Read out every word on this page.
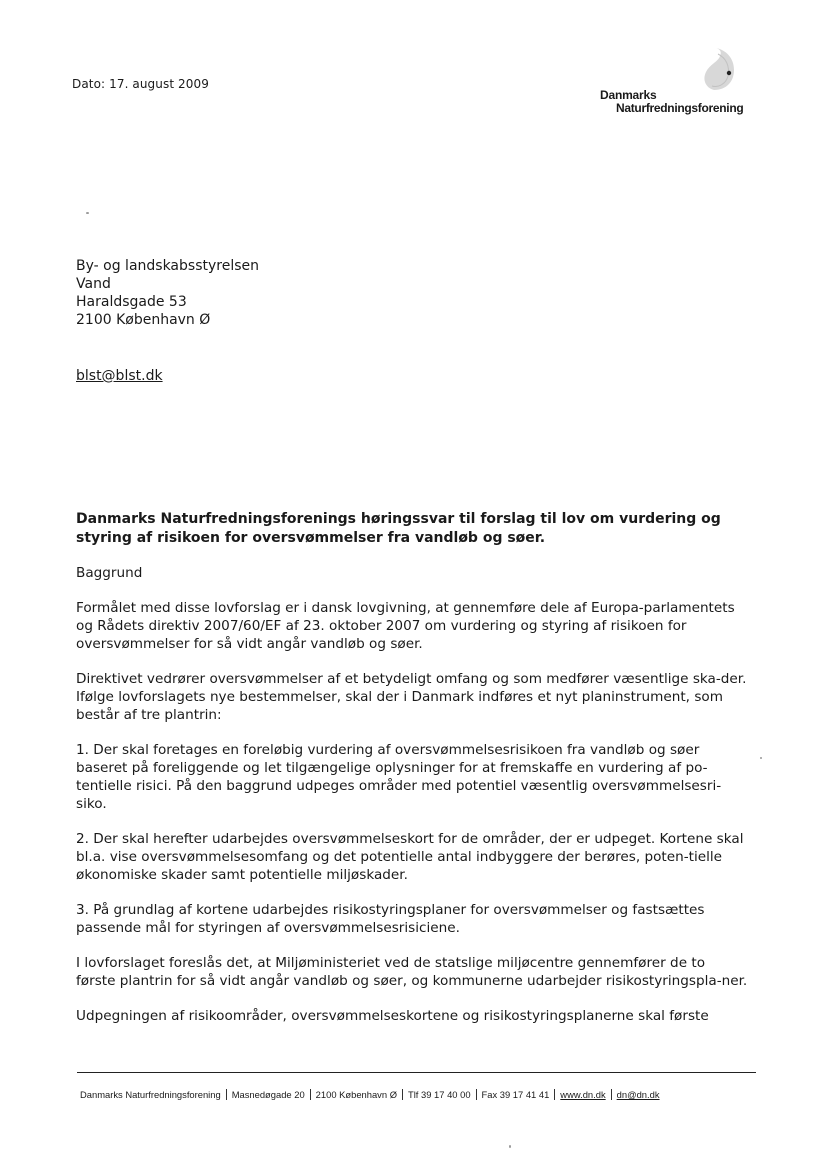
Dato: 17. august 2009
Danmarks
Naturfredningsforening
By- og landskabsstyrelsen
Vand
Haraldsgade 53
2100 København Ø
blst@blst.dk
Danmarks Naturfredningsforenings høringssvar til forslag til lov om vurdering og styring af risikoen for oversvømmelser fra vandløb og søer.

Baggrund

Formålet med disse lovforslag er i dansk lovgivning, at gennemføre dele af Europa-parlamentets og Rådets direktiv 2007/60/EF af 23. oktober 2007 om vurdering og styring af risikoen for oversvømmelser for så vidt angår vandløb og søer.

Direktivet vedrører oversvømmelser af et betydeligt omfang og som medfører væsentlige ska-der. Ifølge lovforslagets nye bestemmelser, skal der i Danmark indføres et nyt planinstrument, som består af tre plantrin:

1. Der skal foretages en foreløbig vurdering af oversvømmelsesrisikoen fra vandløb og søer baseret på foreliggende og let tilgængelige oplysninger for at fremskaffe en vurdering af po-tentielle risici. På den baggrund udpeges områder med potentiel væsentlig oversvømmelsesri-siko.

2. Der skal herefter udarbejdes oversvømmelseskort for de områder, der er udpeget. Kortene skal bl.a. vise oversvømmelsesomfang og det potentielle antal indbyggere der berøres, poten-tielle økonomiske skader samt potentielle miljøskader.

3. På grundlag af kortene udarbejdes risikostyringsplaner for oversvømmelser og fastsættes passende mål for styringen af oversvømmelsesrisiciene.

I lovforslaget foreslås det, at Miljøministeriet ved de statslige miljøcentre gennemfører de to første plantrin for så vidt angår vandløb og søer, og kommunerne udarbejder risikostyringspla-ner.

Udpegningen af risikoområder, oversvømmelseskortene og risikostyringsplanerne skal første

Danmarks Naturfredningsforening Masnedøgade 20 2100 København Ø Tlf 39 17 40 00 Fax 39 17 41 41 www.dn.dk dn@dn.dk
